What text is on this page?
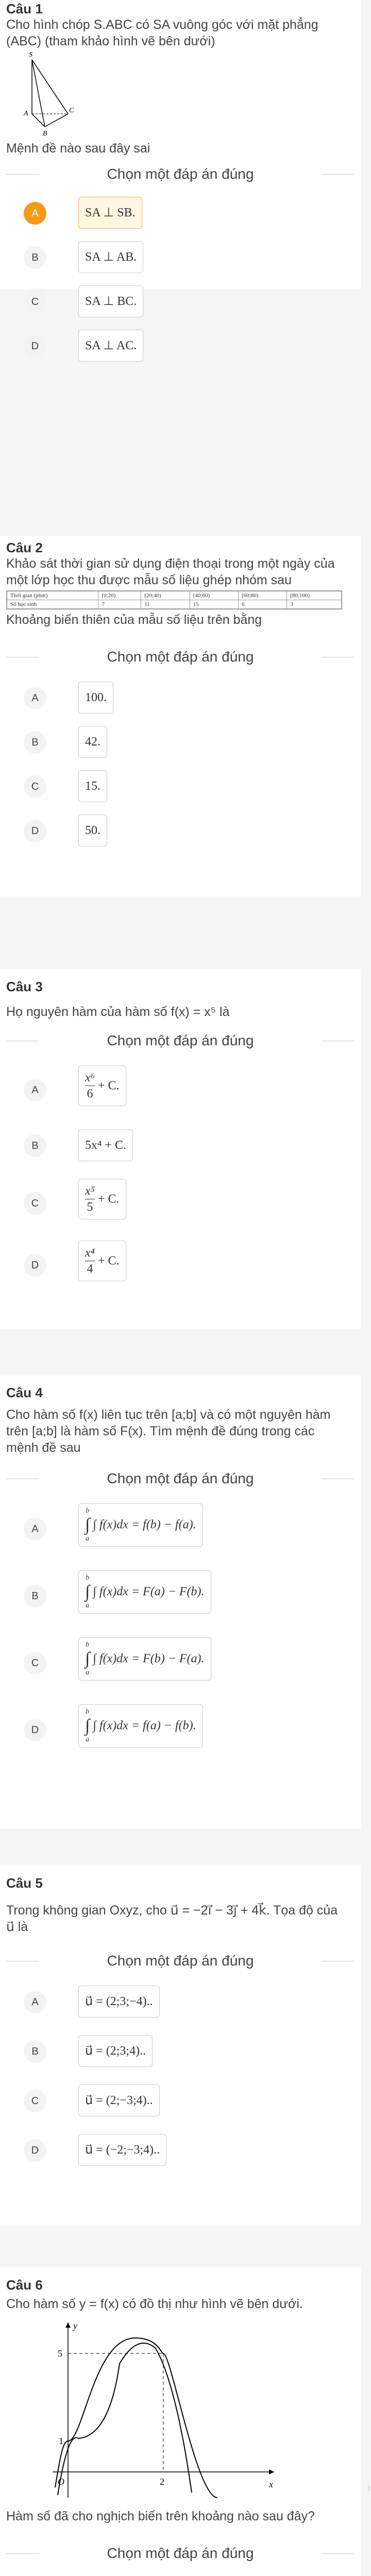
Câu 1
Cho hình chóp S.ABC có SA vuông góc với mặt phẳng (ABC) (tham khảo hình vẽ bên dưới)
S
A
B
C
Mệnh đề nào sau đây sai
Chọn một đáp án đúng
A	SA ⊥ SB.
B	SA ⊥ AB.
C	SA ⊥ BC.
D	SA ⊥ AC.
Câu 2
Khảo sát thời gian sử dụng điện thoại trong một ngày của một lớp học thu được mẫu số liệu ghép nhóm sau
Thời gian (phút)	[0;20)	[20;40)	[40;60)	[60;80)	[80;100)
Số học sinh	7	11	15	6	3
Khoảng biến thiên của mẫu số liệu trên bằng
Chọn một đáp án đúng
A	100.
B	42.
C	15.
D	50.
Câu 3
Họ nguyên hàm của hàm số f(x) = x⁵ là
Chọn một đáp án đúng
A	$\frac{\text{x⁶}}{6} + C$.
B	5x⁴ + C.
C	$\frac{\text{x⁵}}{5} + C$.
D	$\frac{\text{x⁴}}{4} + C$.
Câu 4
Cho hàm số f(x) liên tục trên [a;b] và có một nguyên hàm trên [a;b] là hàm số F(x). Tìm mệnh đề đúng trong các mệnh đề sau
Chọn một đáp án đúng
A
b
∫
a
∫ f(x)dx = f(b) − f(a).
B
b
∫
a
∫ f(x)dx = F(a) − F(b).
C
b
∫
a
∫ f(x)dx = F(b) − F(a).
D
b
∫
a
∫ f(x)dx = f(a) − f(b).
Câu 5
Trong không gian Oxyz, cho u⃗ = −2i⃗ − 3j⃗ + 4k⃗. Tọa độ của u⃗ là
Chọn một đáp án đúng
A	u⃗ = (2;3;−4)..
B	u⃗ = (2;3;4)..
C	u⃗ = (2;−3;4)..
D	u⃗ = (−2;−3;4)..
Câu 6
Cho hàm số y = f(x) có đồ thị như hình vẽ bên dưới.
y
x
O
5
1
2
Hàm số đã cho nghịch biến trên khoảng nào sau đây?
Chọn một đáp án đúng
